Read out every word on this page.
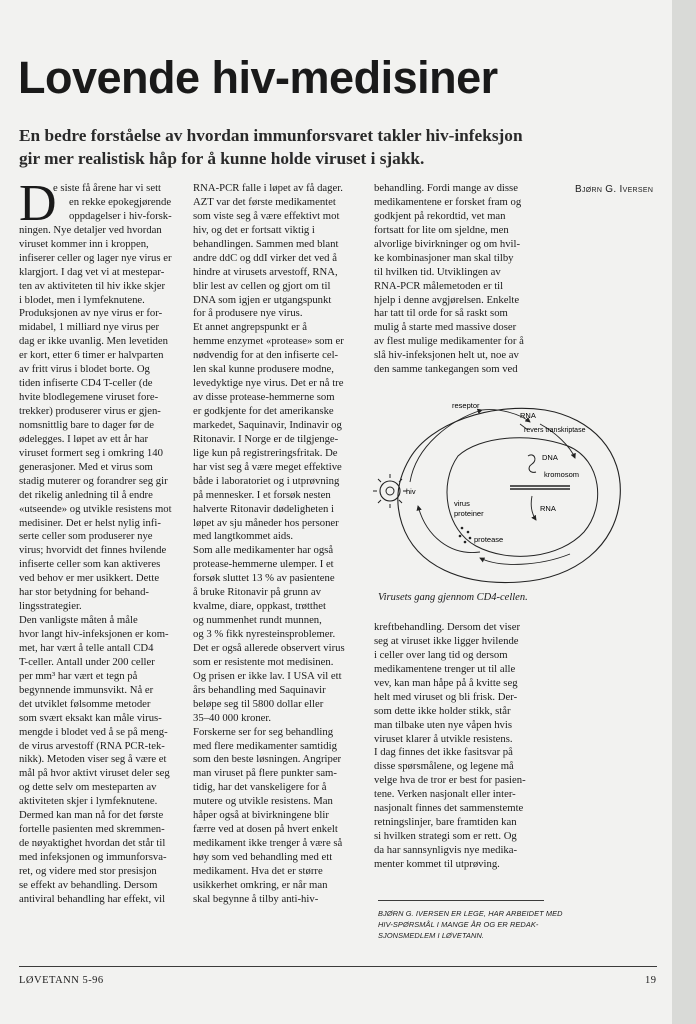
Lovende hiv-medisiner

En bedre forståelse av hvordan immunforsvaret takler hiv-infeksjon gir mer realistisk håp for å kunne holde viruset i sjakk.

Bjørn G. Iversen
D
e siste få årene har vi sett
en rekke epokegjørende
oppdagelser i hiv-forsk-
ningen. Nye detaljer ved hvordan
viruset kommer inn i kroppen,
infiserer celler og lager nye virus er
klargjort. I dag vet vi at mestepar-
ten av aktiviteten til hiv ikke skjer
i blodet, men i lymfeknutene.
Produksjonen av nye virus er for-
midabel, 1 milliard nye virus per
dag er ikke uvanlig. Men levetiden
er kort, etter 6 timer er halvparten
av fritt virus i blodet borte. Og
tiden infiserte CD4 T-celler (de
hvite blodlegemene viruset fore-
trekker) produserer virus er gjen-
nomsnittlig bare to dager før de
ødelegges. I løpet av ett år har
viruset formert seg i omkring 140
generasjoner. Med et virus som
stadig muterer og forandrer seg gir
det rikelig anledning til å endre
«utseende» og utvikle resistens mot
medisiner. Det er helst nylig infi-
serte celler som produserer nye
virus; hvorvidt det finnes hvilende
infiserte celler som kan aktiveres
ved behov er mer usikkert. Dette
har stor betydning for behand-
lingsstrategier.
Den vanligste måten å måle
hvor langt hiv-infeksjonen er kom-
met, har vært å telle antall CD4
T-celler. Antall under 200 celler
per mm³ har vært et tegn på
begynnende immunsvikt. Nå er
det utviklet følsomme metoder
som svært eksakt kan måle virus-
mengde i blodet ved å se på meng-
de virus arvestoff (RNA PCR-tek-
nikk). Metoden viser seg å være et
mål på hvor aktivt viruset deler seg
og dette selv om mesteparten av
aktiviteten skjer i lymfeknutene.
Dermed kan man nå for det første
fortelle pasienten med skremmen-
de nøyaktighet hvordan det står til
med infeksjonen og immunforsva-
ret, og videre med stor presisjon
se effekt av behandling. Dersom
antiviral behandling har effekt, vil
RNA-PCR falle i løpet av få dager.
AZT var det første medikamentet
som viste seg å være effektivt mot
hiv, og det er fortsatt viktig i
behandlingen. Sammen med blant
andre ddC og ddI virker det ved å
hindre at virusets arvestoff, RNA,
blir lest av cellen og gjort om til
DNA som igjen er utgangspunkt
for å produsere nye virus.
Et annet angrepspunkt er å
hemme enzymet «protease» som er
nødvendig for at den infiserte cel-
len skal kunne produsere modne,
levedyktige nye virus. Det er nå tre
av disse protease-hemmerne som
er godkjente for det amerikanske
markedet, Saquinavir, Indinavir og
Ritonavir. I Norge er de tilgjenge-
lige kun på registreringsfritak. De
har vist seg å være meget effektive
både i laboratoriet og i utprøvning
på mennesker. I et forsøk nesten
halverte Ritonavir dødeligheten i
løpet av sju måneder hos personer
med langtkommet aids.
Som alle medikamenter har også
protease-hemmerne ulemper. I et
forsøk sluttet 13 % av pasientene
å bruke Ritonavir på grunn av
kvalme, diare, oppkast, trøtthet
og nummenhet rundt munnen,
og 3 % fikk nyresteinsproblemer.
Det er også allerede observert virus
som er resistente mot medisinen.
Og prisen er ikke lav. I USA vil ett
års behandling med Saquinavir
beløpe seg til 5800 dollar eller
35–40 000 kroner.
Forskerne ser for seg behandling
med flere medikamenter samtidig
som den beste løsningen. Angriper
man viruset på flere punkter sam-
tidig, har det vanskeligere for å
mutere og utvikle resistens. Man
håper også at bivirkningene blir
færre ved at dosen på hvert enkelt
medikament ikke trenger å være så
høy som ved behandling med ett
medikament. Hva det er større
usikkerhet omkring, er når man
skal begynne å tilby anti-hiv-
behandling. Fordi mange av disse
medikamentene er forsket fram og
godkjent på rekordtid, vet man
fortsatt for lite om sjeldne, men
alvorlige bivirkninger og om hvil-
ke kombinasjoner man skal tilby
til hvilken tid. Utviklingen av
RNA-PCR målemetoden er til
hjelp i denne avgjørelsen. Enkelte
har tatt til orde for så raskt som
mulig å starte med massive doser
av flest mulige medikamenter for å
slå hiv-infeksjonen helt ut, noe av
den samme tankegangen som ved
kreftbehandling. Dersom det viser
seg at viruset ikke ligger hvilende
i celler over lang tid og dersom
medikamentene trenger ut til alle
vev, kan man håpe på å kvitte seg
helt med viruset og bli frisk. Der-
som dette ikke holder stikk, står
man tilbake uten nye våpen hvis
viruset klarer å utvikle resistens.
I dag finnes det ikke fasitsvar på
disse spørsmålene, og legene må
velge hva de tror er best for pasien-
tene. Verken nasjonalt eller inter-
nasjonalt finnes det sammenstemte
retningslinjer, bare framtiden kan
si hvilken strategi som er rett. Og
da har sannsynligvis nye medika-
menter kommet til utprøving.
reseptor
RNA
revers transkriptase
DNA
kromosom
RNA
hiv
virus
proteiner
protease
Virusets gang gjennom CD4-cellen.
BJØRN G. IVERSEN ER LEGE, HAR ARBEIDET MED
HIV-SPØRSMÅL I MANGE ÅR OG ER REDAK-
SJONSMEDLEM I LØVETANN.
LØVETANN 5-96	19
